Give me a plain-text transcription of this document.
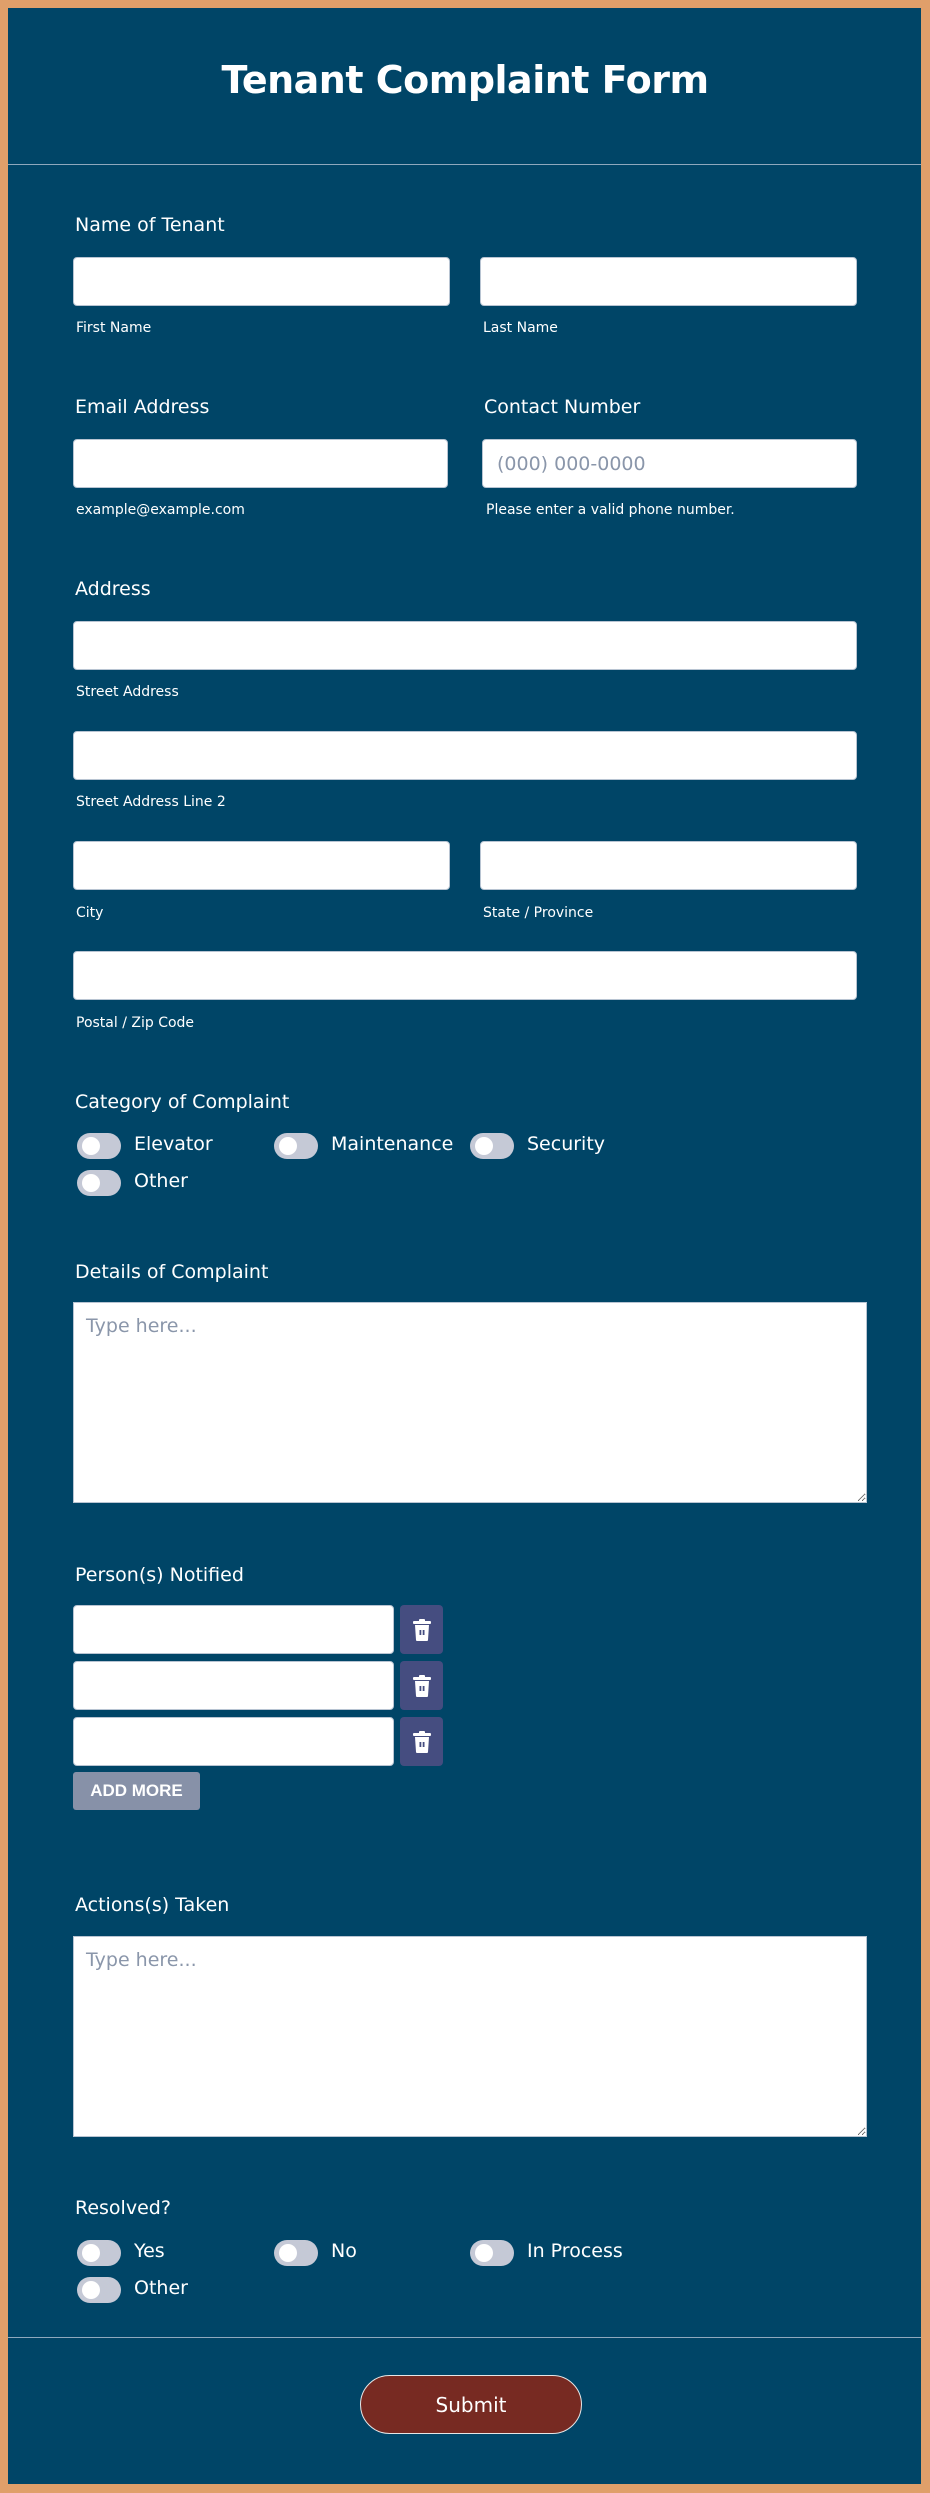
Tenant Complaint Form
Name of Tenant
First Name	Last Name
Email Address
example@example.com
Contact Number
(000) 000-0000
Please enter a valid phone number.
Address
Street Address
Street Address Line 2
City	State / Province
Postal / Zip Code
Category of Complaint
Elevator	Maintenance	Security
Other
Details of Complaint
Type here...
Person(s) Notified
ADD MORE
Actions(s) Taken
Type here...
Resolved?
Yes	No	In Process
Other
Submit
